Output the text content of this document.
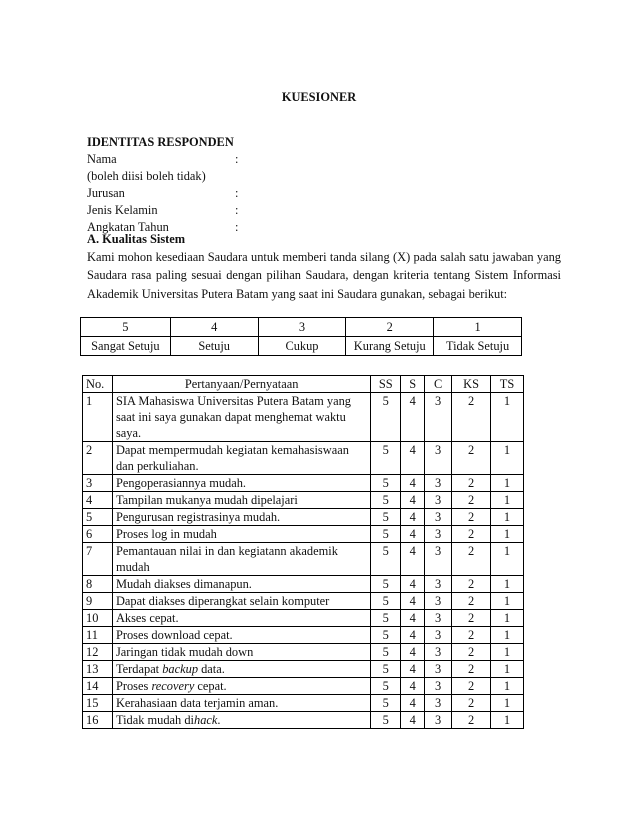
KUESIONER
IDENTITAS RESPONDEN
Nama	:
(boleh diisi boleh tidak)
Jurusan	:
Jenis Kelamin	:
Angkatan Tahun	:
A. Kualitas Sistem
Kami mohon kesediaan Saudara untuk memberi tanda silang (X) pada salah satu jawaban yang Saudara rasa paling sesuai dengan pilihan Saudara, dengan kriteria tentang Sistem Informasi Akademik Universitas Putera Batam yang saat ini Saudara gunakan, sebagai berikut:
5	4	3	2	1
Sangat Setuju	Setuju	Cukup	Kurang Setuju	Tidak Setuju
No.	Pertanyaan/Pernyataan	SS	S	C	KS	TS
1	SIA Mahasiswa Universitas Putera Batam yang saat ini saya gunakan dapat menghemat waktu saya.	5	4	3	2	1
2	Dapat mempermudah kegiatan kemahasiswaan dan perkuliahan.	5	4	3	2	1
3	Pengoperasiannya mudah.	5	4	3	2	1
4	Tampilan mukanya mudah dipelajari	5	4	3	2	1
5	Pengurusan registrasinya mudah.	5	4	3	2	1
6	Proses log in mudah	5	4	3	2	1
7	Pemantauan nilai in dan kegiatann akademik mudah	5	4	3	2	1
8	Mudah diakses dimanapun.	5	4	3	2	1
9	Dapat diakses diperangkat selain komputer	5	4	3	2	1
10	Akses cepat.	5	4	3	2	1
11	Proses download cepat.	5	4	3	2	1
12	Jaringan tidak mudah down	5	4	3	2	1
13	Terdapat backup data.	5	4	3	2	1
14	Proses recovery cepat.	5	4	3	2	1
15	Kerahasiaan data terjamin aman.	5	4	3	2	1
16	Tidak mudah dihack.	5	4	3	2	1
